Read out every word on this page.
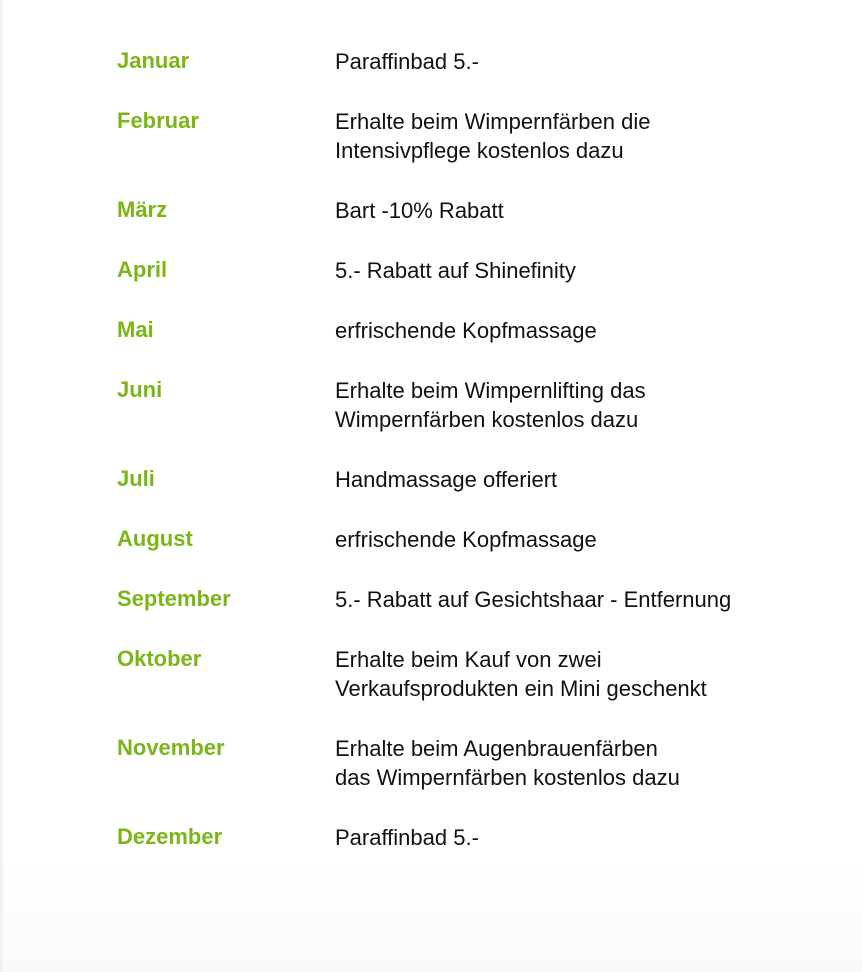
Januar	Paraffinbad 5.-
Februar	Erhalte beim Wimpernfärben die
Intensivpflege kostenlos dazu
März	Bart -10% Rabatt
April	5.- Rabatt auf Shinefinity
Mai	erfrischende Kopfmassage
Juni	Erhalte beim Wimpernlifting das
Wimpernfärben kostenlos dazu
Juli	Handmassage offeriert
August	erfrischende Kopfmassage
September	5.- Rabatt auf Gesichtshaar - Entfernung
Oktober	Erhalte beim Kauf von zwei
Verkaufsprodukten ein Mini geschenkt
November	Erhalte beim Augenbrauenfärben
das Wimpernfärben kostenlos dazu
Dezember	Paraffinbad 5.-
